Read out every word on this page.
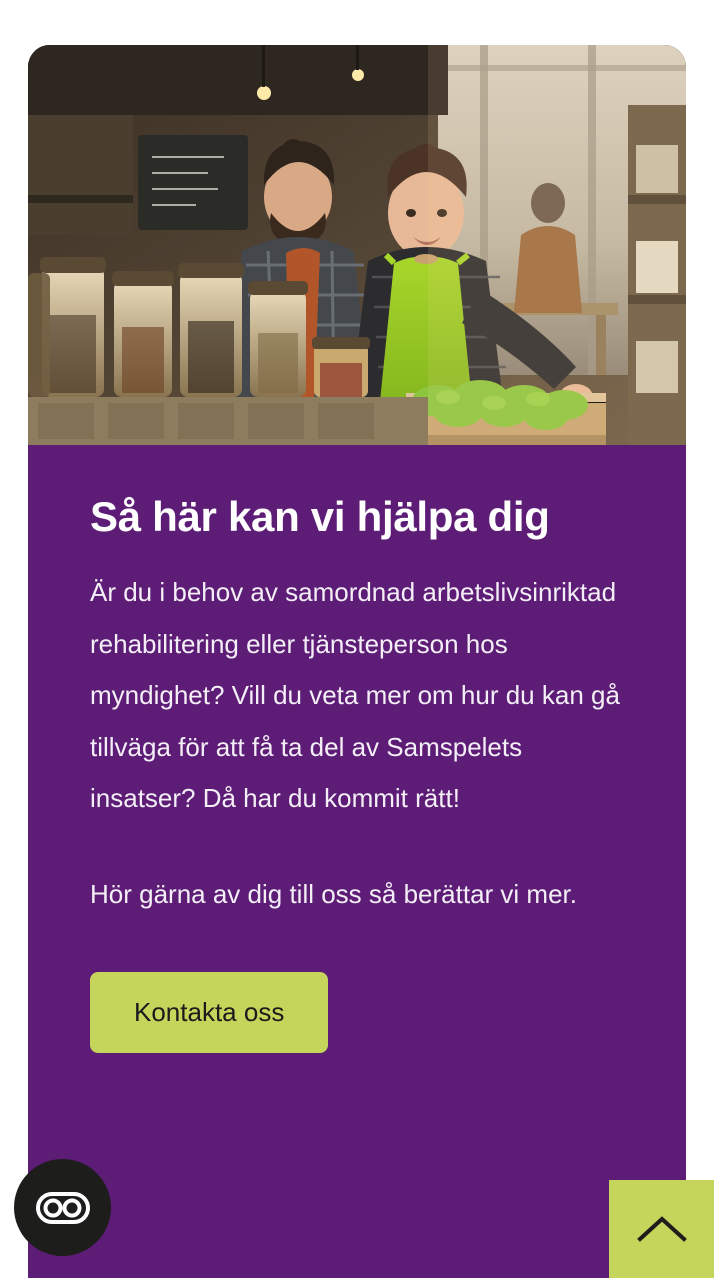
Så här kan vi hjälpa dig

Är du i behov av samordnad arbetslivsinriktad rehabilitering eller tjänsteperson hos myndighet? Vill du veta mer om hur du kan gå tillväga för att få ta del av Samspelets insatser? Då har du kommit rätt!

Hör gärna av dig till oss så berättar vi mer.

Kontakta oss
